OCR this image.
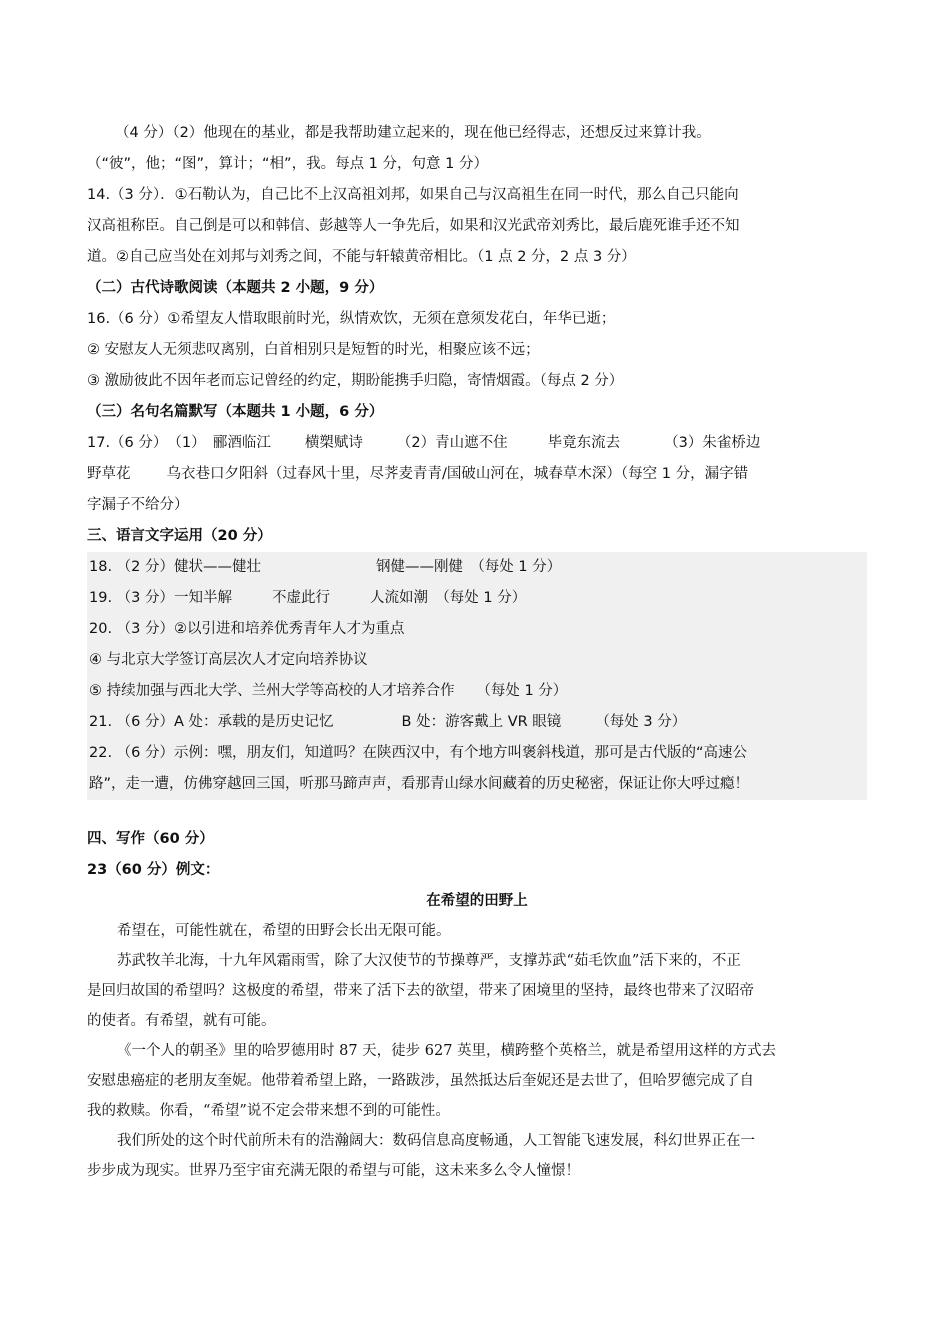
（4 分）（2）他现在的基业，都是我帮助建立起来的，现在他已经得志，还想反过来算计我。

（“彼”，他；“图”，算计；“相”，我。每点 1 分，句意 1 分）

14.（3 分）．①石勒认为，自己比不上汉高祖刘邦，如果自己与汉高祖生在同一时代，那么自己只能向

汉高祖称臣。自己倒是可以和韩信、彭越等人一争先后，如果和汉光武帝刘秀比，最后鹿死谁手还不知

道。②自己应当处在刘邦与刘秀之间，不能与轩辕黄帝相比。（1 点 2 分，2 点 3 分）

（二）古代诗歌阅读（本题共 2 小题，9 分）

16.（6 分）①希望友人惜取眼前时光，纵情欢饮，无须在意须发花白，年华已逝；

② 安慰友人无须悲叹离别，白首相别只是短暂的时光，相聚应该不远；

③ 激励彼此不因年老而忘记曾经的约定，期盼能携手归隐，寄情烟霞。（每点 2 分）

（三）名句名篇默写（本题共 1 小题，6 分）

17.（6 分）　（1）　郦酒临江 横槊赋诗 （2）青山遮不住	毕竟东流去	（3）朱雀桥边

野草花 乌衣巷口夕阳斜（过春风十里，尽荠麦青青/国破山河在，城春草木深）（每空 1 分，漏字错

字漏子不给分）

三、语言文字运用（20 分）

18. （2 分）健状——健壮	钢健——刚健　（每处 1 分）

19. （3 分）一知半解	不虚此行	人流如潮　（每处 1 分）

20. （3 分）②以引进和培养优秀青年人才为重点

④ 与北京大学签订高层次人才定向培养协议

⑤ 持续加强与西北大学、兰州大学等高校的人才培养合作　　（每处 1 分）

21. （6 分）A 处：承载的是历史记忆	B 处：游客戴上 VR 眼镜 （每处 3 分）

22. （6 分）示例：嘿，朋友们，知道吗？在陕西汉中，有个地方叫褒斜栈道，那可是古代版的“高速公

路”，走一遭，仿佛穿越回三国，听那马蹄声声，看那青山绿水间藏着的历史秘密，保证让你大呼过瘾！

四、写作（60 分）

23（60 分）例文：

在希望的田野上

希望在，可能性就在，希望的田野会长出无限可能。

苏武牧羊北海，十九年风霜雨雪，除了大汉使节的节操尊严，支撑苏武“茹毛饮血”活下来的，不正

是回归故国的希望吗？这极度的希望，带来了活下去的欲望，带来了困境里的坚持，最终也带来了汉昭帝

的使者。有希望，就有可能。

《一个人的朝圣》里的哈罗德用时 87 天，徒步 627 英里，横跨整个英格兰，就是希望用这样的方式去

安慰患癌症的老朋友奎妮。他带着希望上路，一路跋涉，虽然抵达后奎妮还是去世了，但哈罗德完成了自

我的救赎。你看，“希望”说不定会带来想不到的可能性。

我们所处的这个时代前所未有的浩瀚阔大：数码信息高度畅通，人工智能飞速发展，科幻世界正在一

步步成为现实。世界乃至宇宙充满无限的希望与可能，这未来多么令人憧憬！
